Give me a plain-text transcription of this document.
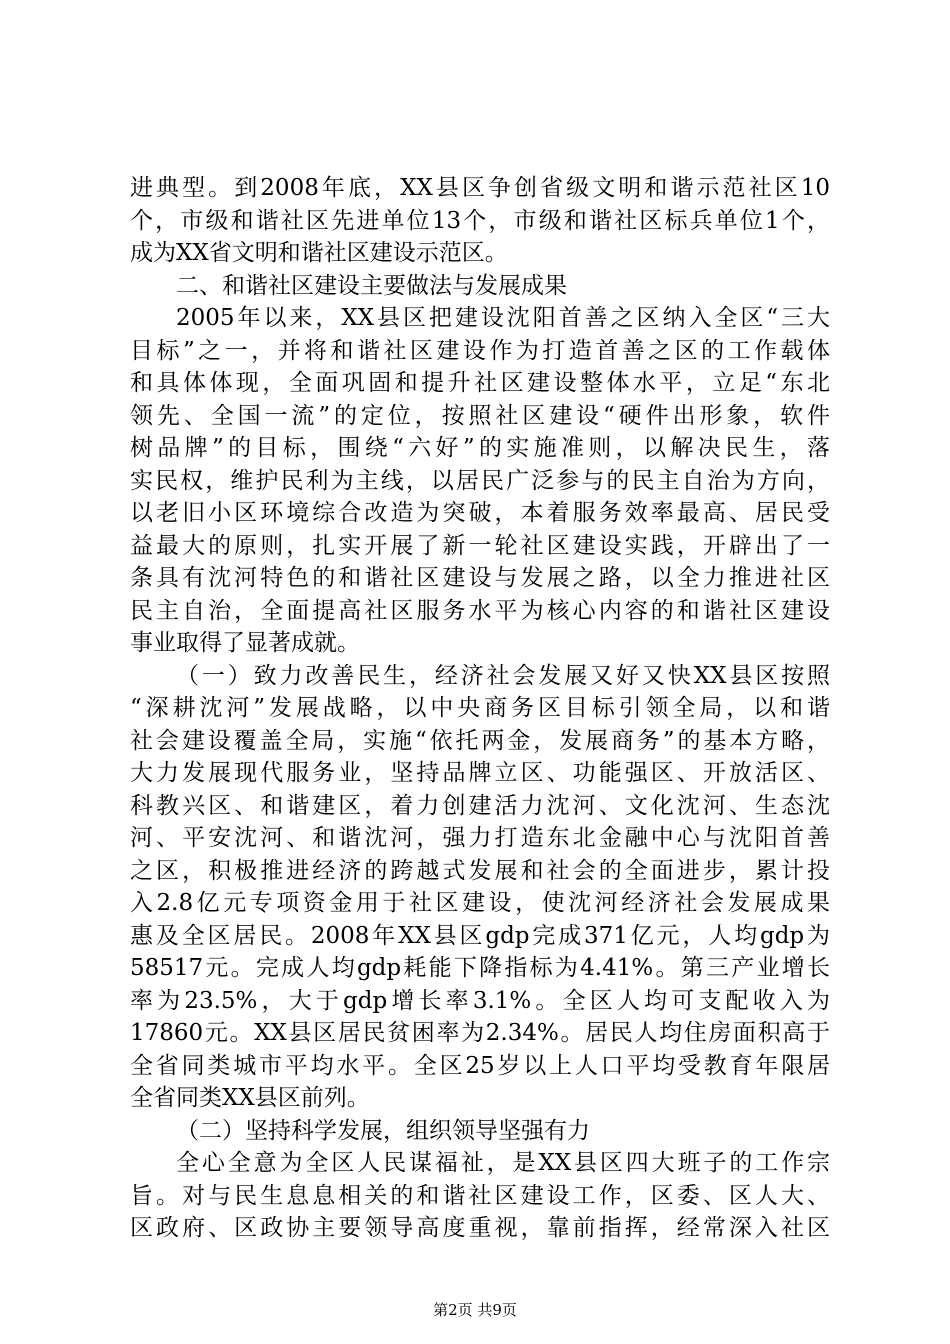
进典型。到2008年底，XX县区争创省级文明和谐示范社区10
个，市级和谐社区先进单位13个，市级和谐社区标兵单位1个，
成为XX省文明和谐社区建设示范区。
二、和谐社区建设主要做法与发展成果
2005年以来，XX县区把建设沈阳首善之区纳入全区“三大
目标”之一，并将和谐社区建设作为打造首善之区的工作载体
和具体体现，全面巩固和提升社区建设整体水平，立足“东北
领先、全国一流”的定位，按照社区建设“硬件出形象，软件
树品牌”的目标，围绕“六好”的实施准则，以解决民生，落
实民权，维护民利为主线，以居民广泛参与的民主自治为方向，
以老旧小区环境综合改造为突破，本着服务效率最高、居民受
益最大的原则，扎实开展了新一轮社区建设实践，开辟出了一
条具有沈河特色的和谐社区建设与发展之路，以全力推进社区
民主自治，全面提高社区服务水平为核心内容的和谐社区建设
事业取得了显著成就。
（一）致力改善民生，经济社会发展又好又快XX县区按照
“深耕沈河”发展战略，以中央商务区目标引领全局，以和谐
社会建设覆盖全局，实施“依托两金，发展商务”的基本方略，
大力发展现代服务业，坚持品牌立区、功能强区、开放活区、
科教兴区、和谐建区，着力创建活力沈河、文化沈河、生态沈
河、平安沈河、和谐沈河，强力打造东北金融中心与沈阳首善
之区，积极推进经济的跨越式发展和社会的全面进步，累计投
入2.8亿元专项资金用于社区建设，使沈河经济社会发展成果
惠及全区居民。2008年XX县区gdp完成371亿元，人均gdp为
58517元。完成人均gdp耗能下降指标为4.41%。第三产业增长
率为23.5%，大于gdp增长率3.1%。全区人均可支配收入为
17860元。XX县区居民贫困率为2.34%。居民人均住房面积高于
全省同类城市平均水平。全区25岁以上人口平均受教育年限居
全省同类XX县区前列。
（二）坚持科学发展，组织领导坚强有力
全心全意为全区人民谋福祉，是XX县区四大班子的工作宗
旨。对与民生息息相关的和谐社区建设工作，区委、区人大、
区政府、区政协主要领导高度重视，靠前指挥，经常深入社区
第2页 共9页
